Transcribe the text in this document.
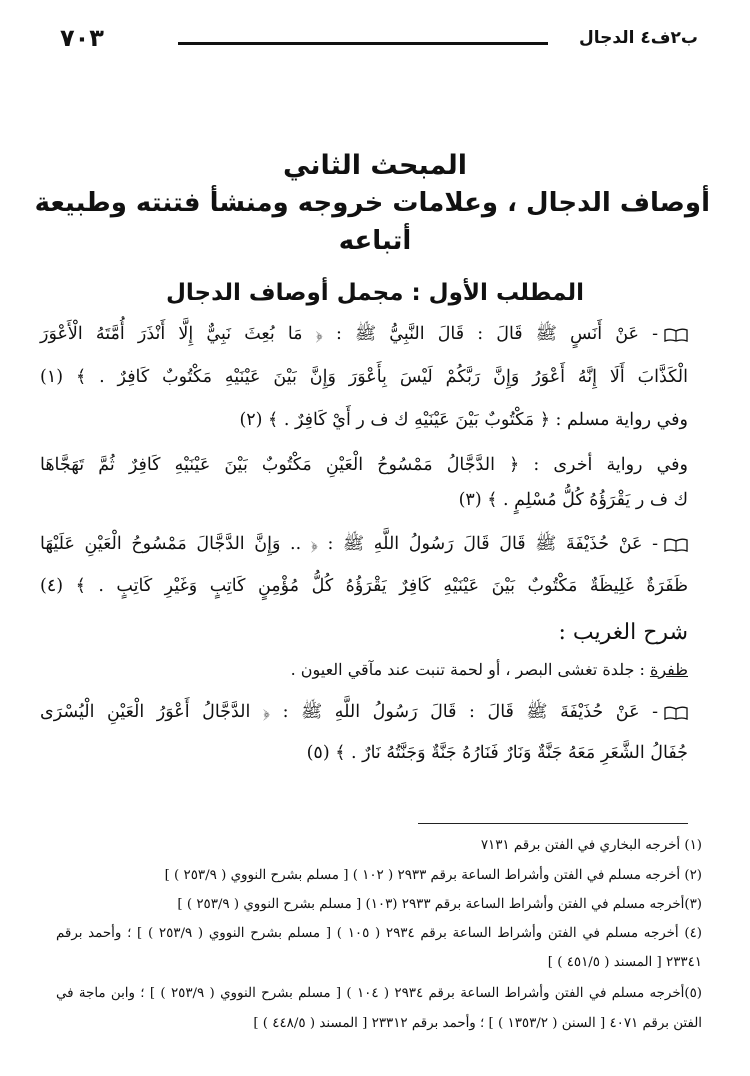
ب٢ف٤ الدجال
٧٠٣
المبحث الثاني
أوصاف الدجال ، وعلامات خروجه ومنشأ فتنته وطبيعة
أتباعه
المطلب الأول : مجمل أوصاف الدجال
- عَنْ أَنَسٍ ﷺ قَالَ : قَالَ النَّبِيُّ ﷺ : ﴿ مَا بُعِثَ نَبِيٌّ إِلَّا أَنْذَرَ أُمَّتَهُ الْأَعْوَرَ
الْكَذَّابَ أَلَا إِنَّهُ أَعْوَرُ وَإِنَّ رَبَّكُمْ لَيْسَ بِأَعْوَرَ وَإِنَّ بَيْنَ عَيْنَيْهِ مَكْتُوبٌ كَافِرٌ . ﴾ (١)
وفي رواية مسلم : ﴿ مَكْتُوبٌ بَيْنَ عَيْنَيْهِ ك ف ر أَيْ كَافِرٌ . ﴾ (٢)
وفي رواية أخرى : ﴿ الدَّجَّالُ مَمْسُوحُ الْعَيْنِ مَكْتُوبٌ بَيْنَ عَيْنَيْهِ كَافِرٌ ثُمَّ تَهَجَّاهَا
ك ف ر يَقْرَؤُهُ كُلُّ مُسْلِمٍ . ﴾ (٣)
- عَنْ حُذَيْفَةَ ﷺ قَالَ قَالَ رَسُولُ اللَّهِ ﷺ : ﴿ .. وَإِنَّ الدَّجَّالَ مَمْسُوحُ الْعَيْنِ عَلَيْهَا
ظَفَرَةٌ غَلِيظَةٌ مَكْتُوبٌ بَيْنَ عَيْنَيْهِ كَافِرٌ يَقْرَؤُهُ كُلُّ مُؤْمِنٍ كَاتِبٍ وَغَيْرِ كَاتِبٍ . ﴾ (٤)
شرح الغريب :
ظفرة : جلدة تغشى البصر ، أو لحمة تنبت عند مآقي العيون .
- عَنْ حُذَيْفَةَ ﷺ قَالَ : قَالَ رَسُولُ اللَّهِ ﷺ : ﴿ الدَّجَّالُ أَعْوَرُ الْعَيْنِ الْيُسْرَى
جُفَالُ الشَّعَرِ مَعَهُ جَنَّةٌ وَنَارٌ فَنَارُهُ جَنَّةٌ وَجَنَّتُهُ نَارٌ . ﴾ (٥)
(١) أخرجه البخاري في الفتن برقم ٧١٣١
(٢) أخرجه مسلم في الفتن وأشراط الساعة برقم ٢٩٣٣ ( ١٠٢ ) [ مسلم بشرح النووي ( ٢٥٣/٩ ) ]
(٣)أخرجه مسلم في الفتن وأشراط الساعة برقم ٢٩٣٣ (١٠٣) [ مسلم بشرح النووي ( ٢٥٣/٩ ) ]
(٤) أخرجه مسلم في الفتن وأشراط الساعة برقم ٢٩٣٤ ( ١٠٥ ) [ مسلم بشرح النووي ( ٢٥٣/٩ ) ] ؛ وأحمد برقم
٢٣٣٤١ [ المسند ( ٤٥١/٥ ) ]
(٥)أخرجه مسلم في الفتن وأشراط الساعة برقم ٢٩٣٤ ( ١٠٤ ) [ مسلم بشرح النووي ( ٢٥٣/٩ ) ] ؛ وابن ماجة في
الفتن برقم ٤٠٧١ [ السنن ( ١٣٥٣/٢ ) ] ؛ وأحمد برقم ٢٣٣١٢ [ المسند ( ٤٤٨/٥ ) ]
